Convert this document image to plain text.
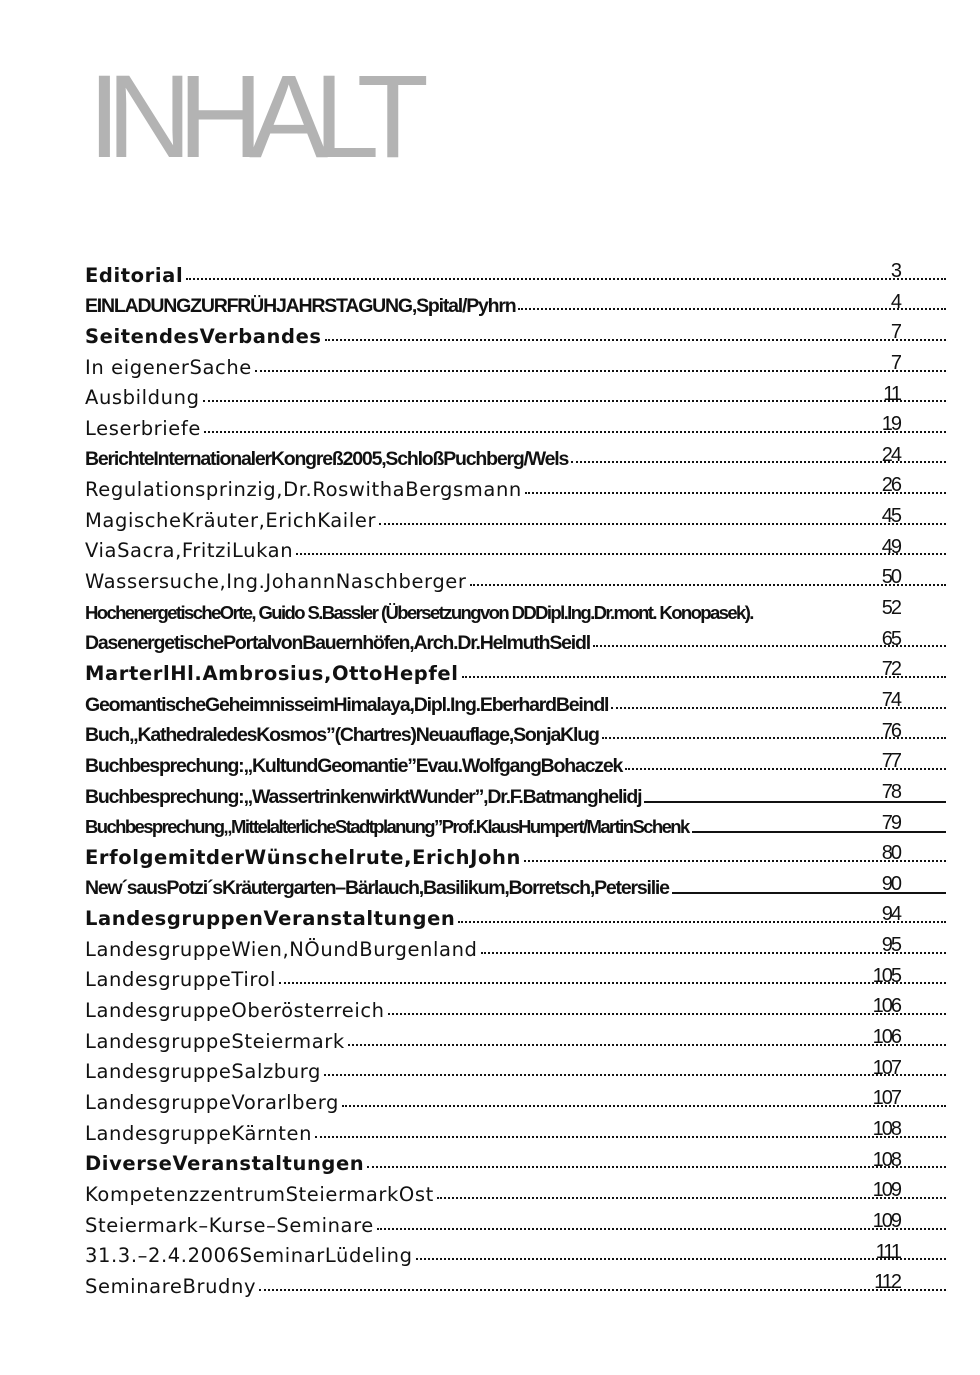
INHALT
Editorial	3
EINLADUNGZURFRÜHJAHRSTAGUNG,Spital/Pyhrn	4
SeitendesVerbandes	7
In eigenerSache	7
Ausbildung	11
Leserbriefe	19
BerichteInternationalerKongreß2005,SchloßPuchberg/Wels	24
Regulationsprinzig,Dr.RoswithaBergsmann	26
MagischeKräuter,ErichKailer	45
ViaSacra,FritziLukan	49
Wassersuche,Ing.JohannNaschberger	50
HochenergetischeOrte, Guido S.Bassler (Übersetzungvon DDDipl.Ing.Dr.mont. Konopasek).	52
DasenergetischePortalvonBauernhöfen,Arch.Dr.HelmuthSeidl	65
MarterlHl.Ambrosius,OttoHepfel	72
GeomantischeGeheimnisseimHimalaya,Dipl.Ing.EberhardBeindl	74
Buch„KathedraledesKosmos”(Chartres)Neuauflage,SonjaKlug	76
Buchbesprechung:„KultundGeomantie”Evau.WolfgangBohaczek	77
Buchbesprechung:„WassertrinkenwirktWunder”,Dr.F.Batmanghelidj	78
Buchbesprechung„MittelalterlicheStadtplanung”Prof.KlausHumpert/MartinSchenk	79
ErfolgemitderWünschelrute,ErichJohn	80
New´sausPotzi´sKräutergarten–Bärlauch,Basilikum,Borretsch,Petersilie	90
LandesgruppenVeranstaltungen	94
LandesgruppeWien,NÖundBurgenland	95
LandesgruppeTirol	105
LandesgruppeOberösterreich	106
LandesgruppeSteiermark	106
LandesgruppeSalzburg	107
LandesgruppeVorarlberg	107
LandesgruppeKärnten	108
DiverseVeranstaltungen	108
KompetenzzentrumSteiermarkOst	109
Steiermark–Kurse–Seminare	109
31.3.–2.4.2006SeminarLüdeling	111
SeminareBrudny	112
